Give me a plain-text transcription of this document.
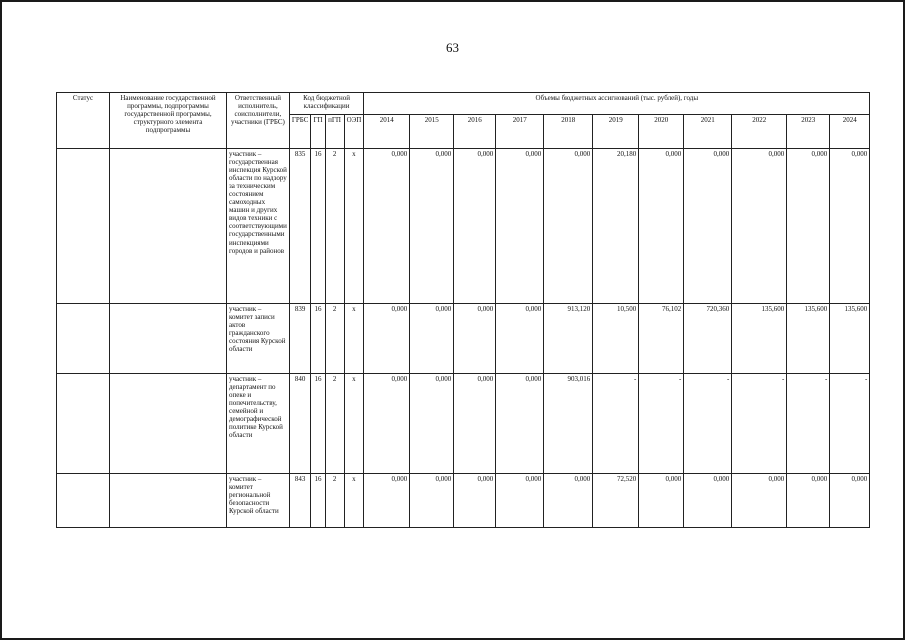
63
Статус	Наименование государственной программы, подпрограммы государственной программы, структурного элемента подпрограммы	Ответственный исполнитель, соисполнители, участники (ГРБС)	Код бюджетной классификации				Объемы бюджетных ассигнований (тыс. рублей), годы										
			ГРБС	ГП	пГП	ОЭП	2014	2015	2016	2017	2018	2019	2020	2021	2022	2023	2024

		участник – государственная инспекция Курской области по надзору за техническим состоянием самоходных машин и других видов техники с соответствующими государственными инспекциями городов и районов	835	16	2	х	0,000	0,000	0,000	0,000	0,000	20,180	0,000	0,000	0,000	0,000	0,000
		участник – комитет записи актов гражданского состояния Курской области	839	16	2	х	0,000	0,000	0,000	0,000	913,120	10,500	76,102	720,360	135,600	135,600	135,600
		участник – департамент по опеке и попечительству, семейной и демографической политике Курской области	840	16	2	х	0,000	0,000	0,000	0,000	903,016	-	-	-	-	-	-
		участник – комитет региональной безопасности Курской области	843	16	2	х	0,000	0,000	0,000	0,000	0,000	72,520	0,000	0,000	0,000	0,000	0,000
